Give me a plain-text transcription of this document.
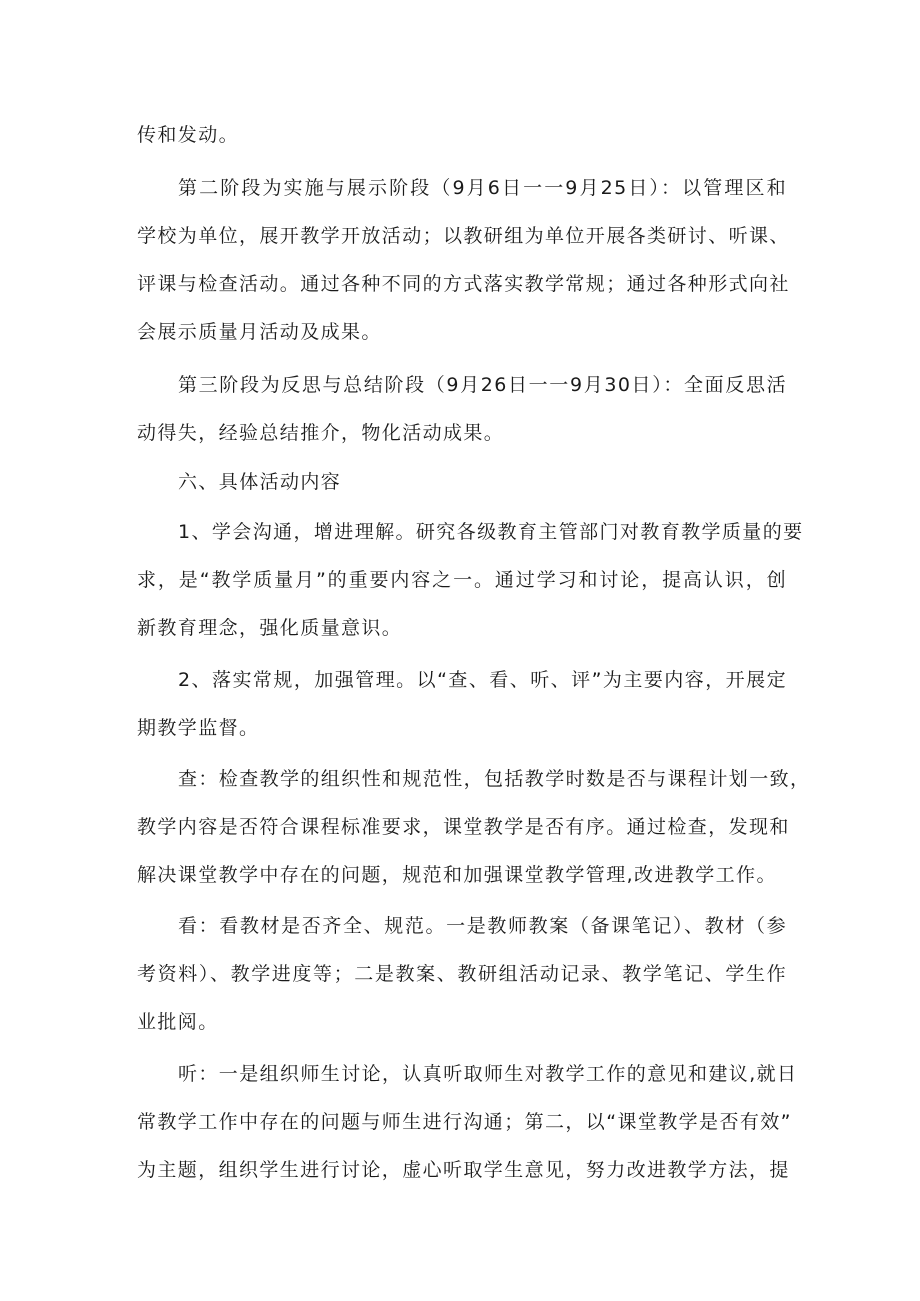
传和发动。
第二阶段为实施与展示阶段（9月6日一一9月25日）：以管理区和
学校为单位，展开教学开放活动；以教研组为单位开展各类研讨、听课、
评课与检查活动。通过各种不同的方式落实教学常规；通过各种形式向社
会展示质量月活动及成果。
第三阶段为反思与总结阶段（9月26日一一9月30日）：全面反思活
动得失，经验总结推介，物化活动成果。
六、具体活动内容
1、学会沟通，增进理解。研究各级教育主管部门对教育教学质量的要
求，是“教学质量月”的重要内容之一。通过学习和讨论，提高认识，创
新教育理念，强化质量意识。
2、落实常规，加强管理。以“查、看、听、评”为主要内容，开展定
期教学监督。
查：检查教学的组织性和规范性，包括教学时数是否与课程计划一致，
教学内容是否符合课程标准要求，课堂教学是否有序。通过检查，发现和
解决课堂教学中存在的问题，规范和加强课堂教学管理,改进教学工作。
看：看教材是否齐全、规范。一是教师教案（备课笔记）、教材（参
考资料）、教学进度等；二是教案、教研组活动记录、教学笔记、学生作
业批阅。
听：一是组织师生讨论，认真听取师生对教学工作的意见和建议,就日
常教学工作中存在的问题与师生进行沟通；第二，以“课堂教学是否有效”
为主题，组织学生进行讨论，虚心听取学生意见，努力改进教学方法，提
